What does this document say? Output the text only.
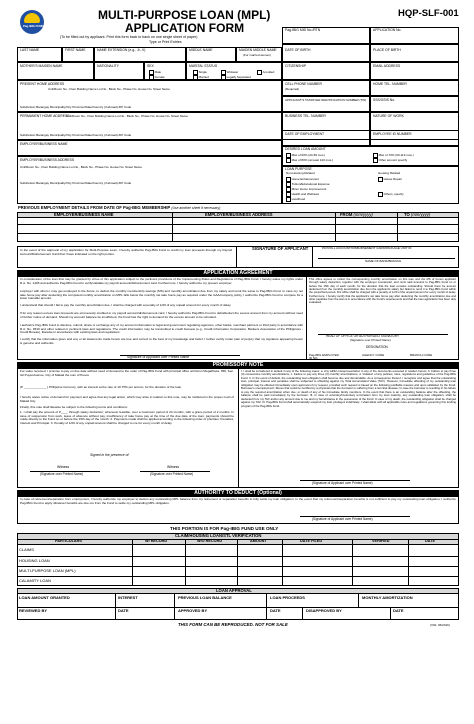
Pag-IBIG FUND
MULTI-PURPOSE LOAN (MPL)
APPLICATION FORM
HQP-SLF-001
(To be filled out by applicant. Print this form back to back on one single sheet of paper)
Type or Print Entries
Pag-IBIG MID No./RTN	APPLICATION No.
LAST NAME	FIRST NAME	NAME EXTENSION (e.g., Jr., II)	MIDDLE NAME	MAIDEN MIDDLE NAME
(For married women)
DATE OF BIRTH	PLACE OF BIRTH
MOTHER'S MAIDEN NAME	NATIONALITY	SEX
Male
Female
MARITAL STATUS
Single
Married
Widower
Legally Separated
Annulled
CITIZENSHIP	EMAIL ADDRESS
PRESENT HOME ADDRESS
Unit/Room No., Floor Building Name Lot No., Block No., Phase No. House No. Street Name
Subdivision Barangay Municipality/City Province/State/Country (if abroad) ZIP Code
CELL PHONE NUMBER
(Required)
HOME TEL. NUMBER
APPLICANT'S TAXPAYER IDENTIFICATION NUMBER (TIN)	SSS/GSIS No.
PERMANENT HOME ADDRESS
Unit/Room No., Floor Building Name Lot No., Block No., Phase No. House No. Street Name
Subdivision Barangay Municipality/City Province/State/Country (if abroad) ZIP Code
BUSINESS TEL. NUMBER	NATURE OF WORK
EMPLOYER/BUSINESS NAME
DATE OF EMPLOYMENT	EMPLOYEE ID NUMBER
EMPLOYER/BUSINESS ADDRESS
Unit/Room No., Floor Building Name Lot No., Block No., Phase No. House No. Street Name
Subdivision Barangay Municipality/City Province/State/Country (if abroad) ZIP Code
DESIRED LOAN AMOUNT
Max of 60% (24-59 mos.)
Max of 80% (at least 120 mos.)
Max of 70% (60-119 mos.)
Other amount specify
LOAN PURPOSE
Non-Housing Related
Home Enhancement
Tuition/Educational Expense
Minor Home Improvement
Health and Wellness
Livelihood
Housing Related
House Repair
Others, specify
PREVIOUS EMPLOYMENT DETAILS FROM DATE OF Pag-IBIG MEMBERSHIP (Use another sheet if necessary)
EMPLOYER/BUSINESS NAME	EMPLOYER/BUSINESS ADDRESS	FROM (mm/yyyy)	TO (mm/yyyy)
In the event of the approval of my application for Multi-Purpose Loan, I hereby authorize Pag-IBIG Fund to credit my loan proceeds through my Payroll Account/Disbursement Card that I have indicated on the right portion.
SIGNATURE OF APPLICANT	PAYROLL ACCOUNT/DISBURSEMENT CARD/PACKAGE UNIT ID
NAME OF BANK/BRANCH
APPLICATION AGREEMENT
In consideration of the loan that may be granted by virtue of this application subject to the pertinent provisions of the Implementing Rules and Regulations of Pag-IBIG Fund, I hereby waive my rights under R.A. No. 1405 and authorize Pag-IBIG Fund to verify/validate my payroll account/disbursement card. Furthermore, I hereby authorize my present employer
employer with whom I may get employed in the future, to deduct the monthly membership savings (MS) and monthly amortization due from my salary and remit the same to Pag-IBIG Fund. In case my net take home pay after deducting the computed monthly amortization on MPL falls below the monthly net take home pay as required under the GAA/company policy, I authorize Pag-IBIG Fund to compute for a lower loanable amount.
I understand that should I fail to pay the monthly amortization due, I shall be charged with a penalty of 1/20 of any unpaid amount for every month of delay.
If for any reason excess loan proceeds are erroneously credited to my payroll account/disbursement card, I hereby authorize Pag-IBIG Fund to debit/deduct the excess amount from my account without need of further notice of demand. Should my account balance be insufficient, the Fund has the right to demand for the excess amount to be refunded.
I authorize Pag-IBIG Fund to disclose, submit, share or exchange any of my account information to legal and government regulating agencies, other banks, merchant partners or third party in accordance with R.A. No. 9510 and other related or pertinent laws and regulations. The credit information may be transmitted to credit bureaus (e.g., Credit Information Corporation, Bankers Association of the Philippines - Credit Bureau), likewise in accordance with existing laws and regulations.
I certify that the information given and any or all statements made herein are true and correct to the best of my knowledge and belief. I further certify under pain of perjury that my signature appearing herein is genuine and authentic.
This office agrees to collect the corresponding monthly amortization on this loan and the MS of herein applicant through salary deduction, together with the employer counterpart, and remit said amounts to Pag-IBIG Fund on or before the 15th day of each month, for the duration that the loan remains outstanding. Should there be amount deducted from the monthly amortization due from the applicant's salary but failed to remit it to Pag-IBIG Fund within the prescribed period, this office shall be charged with a penalty of 1/20 of the unpaid amount for every month of delay. Furthermore, I hereby certify that the applicant's net take home pay after deducting the monthly amortization due and other payables from the loan is in accordance with the Fund's requirements and that the loan application has been duly evaluated.
HEAD OF OFFICE OR AUTHORIZED SIGNATORY
(Signature over Printed Name)
DESIGNATION
Signature of Applicant over Printed Name	Pag-IBIG EMPLOYER ID NO.
AGENCY CODE	BRANCH CODE
PROMISSORY NOTE
For value received, I promise to pay on due date without need of demand to the order of Pag-IBIG Fund with principal office at Petron MegaPlaza, 358, Sen. Gil Puyat Avenue, City of Makati the sum of Pesos
(P _____________ ) Philippine Currency, with an interest at the rate of 10.75% per annum, for the duration of the loan.
I hereby waive notice of demand for payment and agree that any legal action, which may arise in relation to this note, may be instituted in the proper court of Makati City.
Finally, this note shall likewise be subject to the following terms and conditions:
1. I shall pay the amount of P____ through salary deduction; whenever feasible, over a maximum period of 24 months, with a grace period of 2 months. In case of suspension from work, leave of absence without pay, insufficiency of take home pay at the time of the due date of the loan, payments should be made directly to the Fund on or before the 15th day of the month. 2. Payments made shall be applied according to the following order of priorities: Penalties, Interest and Principal. 3. Penalty of 1/20 of any unpaid amount shall be charged to me for every month of delay.
Signed in the presence of:
Witness	Witness
(Signature over Printed Name)	(Signature over Printed Name)
I. I shall be considered in default in any of the following cases: a. Any willful misrepresentation in any of the documents executed in relation hereto; b. Failure to pay three (3) consecutive monthly amortizations; c. Failure to pay any three (3) monthly amortizations; d. Violation of any policies, rules, regulations and guidelines of the Pag-IBIG Fund. II. In the event of default, the outstanding loan obligation shall become due and demandable. As a consequence thereof, I recognize and agree that the outstanding loan, principal, interest and penalties shall be subjected to offsetting against my Total Accumulated Value (TAV). However, immediate offsetting of my outstanding loan obligation may be effected immediately upon approval of my request, provided such request is based on the following justifiable reasons and upon validation by the Fund: Borrower's unemployment; Illness that could be certified by a physician that the borrower is suffering from a terminal disease; In case the borrower is resulting in his failure to pay the required amortization when due; or death of any of his immediate family members. In the event that there is an outstanding balance after the offsetting, the balance shall be paid immediately by the borrower. III. In case of voluntary/involuntary termination from my loan maturity, any outstanding loan obligation, shall be deducted from my TAV and/or any amount due to me and my beneficiaries in the possession of the Fund. In case of my death, the outstanding obligation shall be charged against my TAV. IV. Pag-IBIG Fund shall automatically suspend my loan privileges indefinitely. I shall abide with all applicable rules and regulations governing this lending program of the Pag-IBIG Fund.
(Signature of Applicant over Printed Name)
AUTHORITY TO DEDUCT (Optional)
In case of retirement/separation from employment, I hereby authorize my employer to deduct any outstanding MPL balance from my retirement or separation benefits to fully settle my loan obligation. In the event that my retirement/separation benefits is not sufficient to pay my outstanding loan obligation, I authorize Pag-IBIG Fund to apply whatever benefits are due me from the Fund to settle my outstanding MPL obligation.
(Signature of Applicant over Printed Name)
THIS PORTION IS FOR Pag-IBIG FUND USE ONLY
CLAIM/HOUSING LOAN/STL VERIFICATION
PARTICULARS	W/ RECORD	W/O RECORD	AMOUNT	DATE FILED	VERIFIED	DATE
CLAIMS
HOUSING LOAN
MULTI-PURPOSE LOAN (MPL)
CALAMITY LOAN
LOAN APPROVAL
LOAN AMOUNT GRANTED	INTEREST	PREVIOUS LOAN BALANCE	LOAN PROCEEDS	MONTHLY AMORTIZATION
REVIEWED BY	DATE	APPROVED BY	DATE	DISAPPROVED BY	DATE
THIS FORM CAN BE REPRODUCED. NOT FOR SALE	(V02, 06/2016)
